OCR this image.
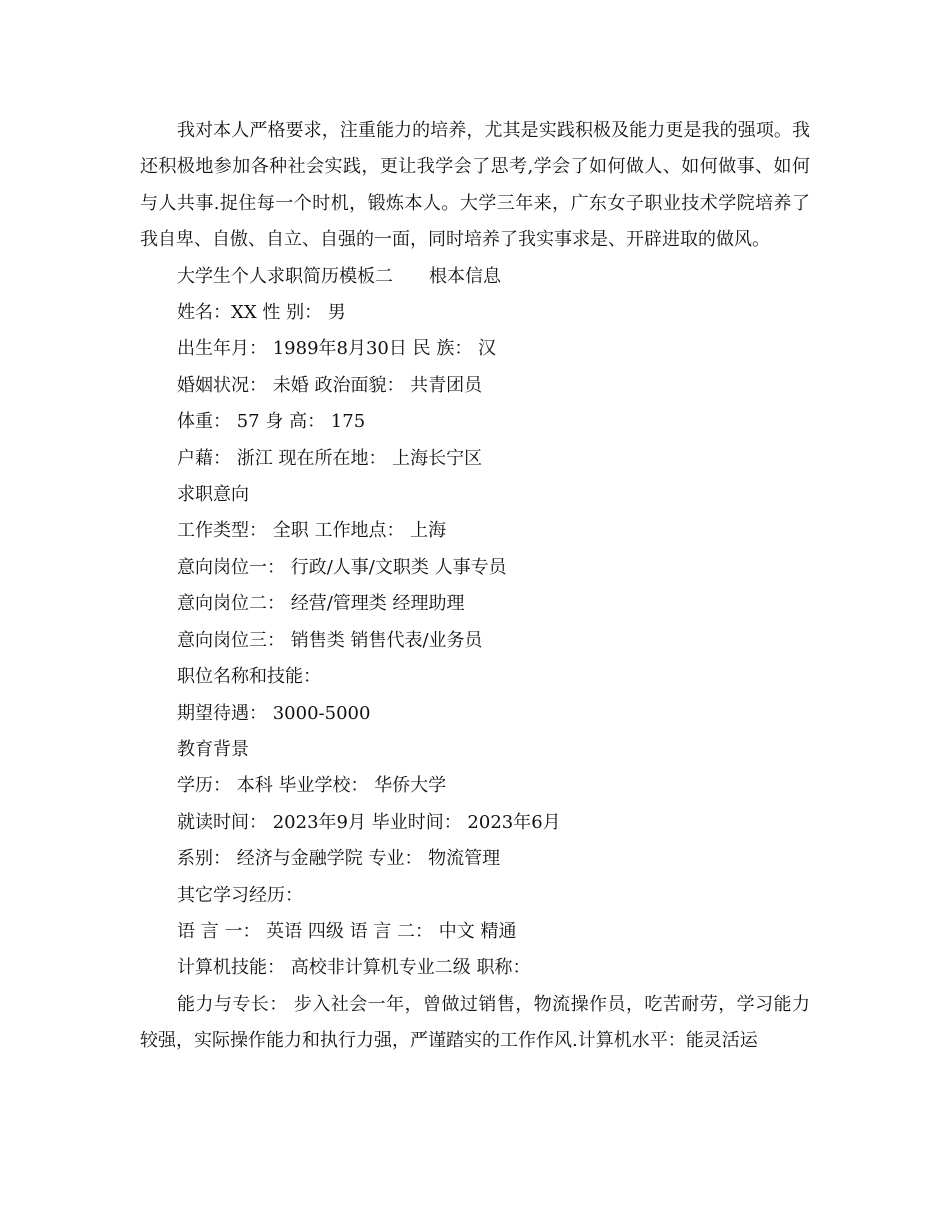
我对本人严格要求，注重能力的培养，尤其是实践积极及能力更是我的强项。我还积极地参加各种社会实践，更让我学会了思考,学会了如何做人、如何做事、如何与人共事.捉住每一个时机，锻炼本人。大学三年来，广东女子职业技术学院培养了我自卑、自傲、自立、自强的一面，同时培养了我实事求是、开辟进取的做风。

大学生个人求职简历模板二 根本信息

姓名：XX 性 别： 男

出生年月： 1989年8月30日 民 族： 汉

婚姻状况： 未婚 政治面貌： 共青团员

体重： 57 身 高： 175

户藉： 浙江 现在所在地： 上海长宁区

求职意向

工作类型： 全职 工作地点： 上海

意向岗位一： 行政/人事/文职类 人事专员

意向岗位二： 经营/管理类 经理助理

意向岗位三： 销售类 销售代表/业务员

职位名称和技能：

期望待遇： 3000-5000

教育背景

学历： 本科 毕业学校： 华侨大学

就读时间： 2023年9月 毕业时间： 2023年6月

系别： 经济与金融学院 专业： 物流管理

其它学习经历：

语 言 一： 英语 四级 语 言 二： 中文 精通

计算机技能： 高校非计算机专业二级 职称：

能力与专长： 步入社会一年，曾做过销售，物流操作员，吃苦耐劳，学习能力较强，实际操作能力和执行力强，严谨踏实的工作作风.计算机水平：能灵活运
